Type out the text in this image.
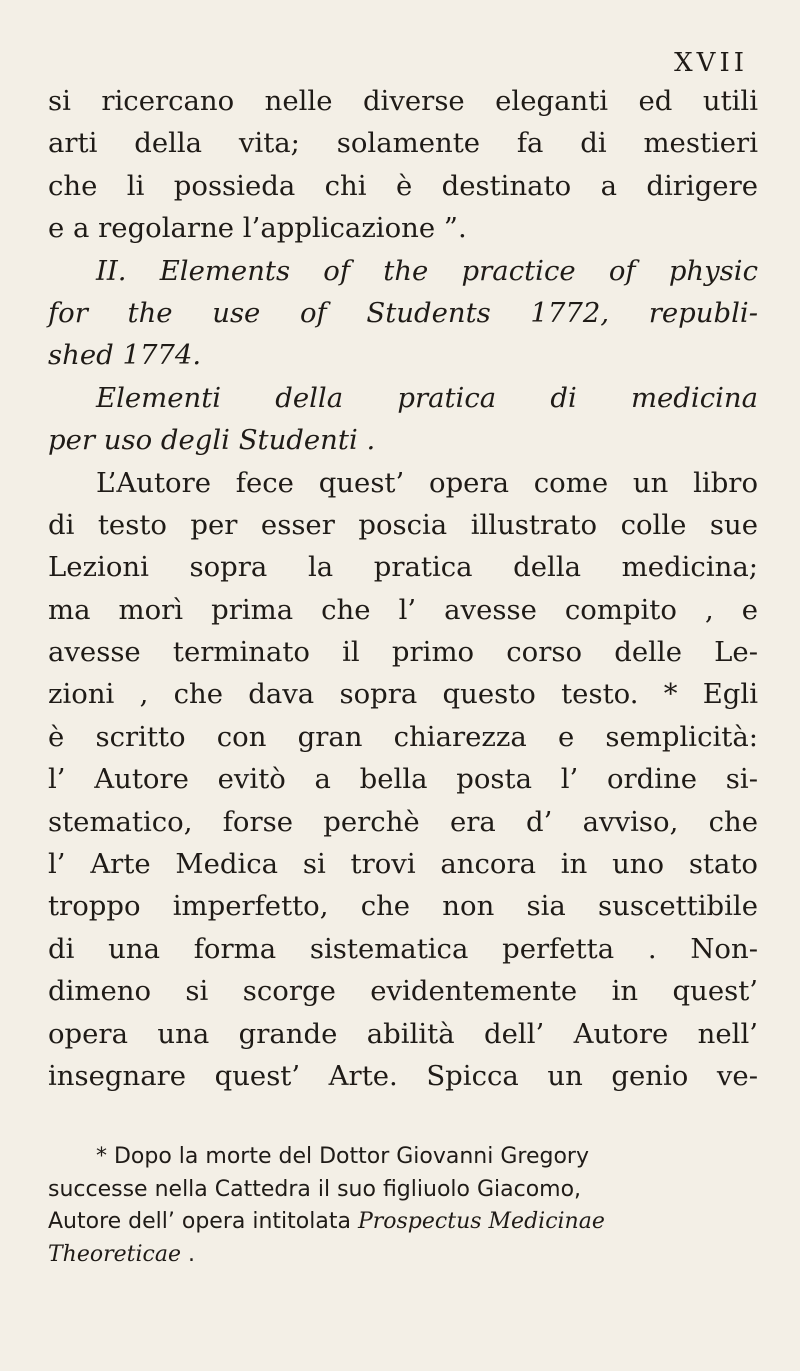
XVII
si ricercano nelle diverse eleganti ed utili
arti della vita; solamente fa di mestieri
che li possieda chi è destinato a dirigere
e a regolarne l’applicazione ”.
II. Elements of the practice of physic
for the use of Students 1772, republi-
shed 1774.
Elementi della pratica di medicina
per uso degli Studenti .
L’Autore fece quest’ opera come un libro
di testo per esser poscia illustrato colle sue
Lezioni sopra la pratica della medicina;
ma morì prima che l’ avesse compito , e
avesse terminato il primo corso delle Le-
zioni , che dava sopra questo testo. * Egli
è scritto con gran chiarezza e semplicità:
l’ Autore evitò a bella posta l’ ordine si-
stematico, forse perchè era d’ avviso, che
l’ Arte Medica si trovi ancora in uno stato
troppo imperfetto, che non sia suscettibile
di una forma sistematica perfetta . Non-
dimeno si scorge evidentemente in quest’
opera una grande abilità dell’ Autore nell’
insegnare quest’ Arte. Spicca un genio ve-
* Dopo la morte del Dottor Giovanni Gregory
successe nella Cattedra il suo figliuolo Giacomo,
Autore dell’ opera intitolata Prospectus Medicinae
Theoreticae .
